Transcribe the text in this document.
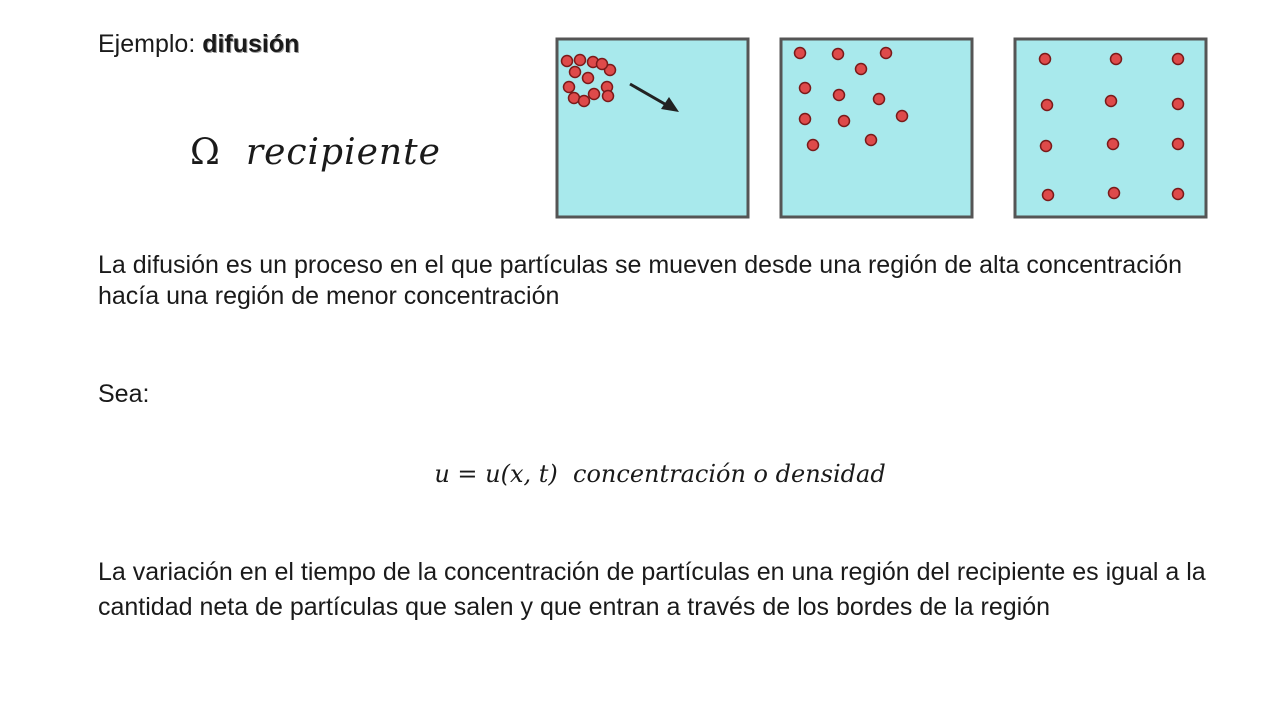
Ejemplo: difusión
Ω recipiente

La difusión es un proceso en el que partículas se mueven desde una región de alta concentración hacía una región de menor concentración

Sea:
u = u(x, t) concentración o densidad

La variación en el tiempo de la concentración de partículas en una región del recipiente es igual a la cantidad neta de partículas que salen y que entran a través de los bordes de la región
